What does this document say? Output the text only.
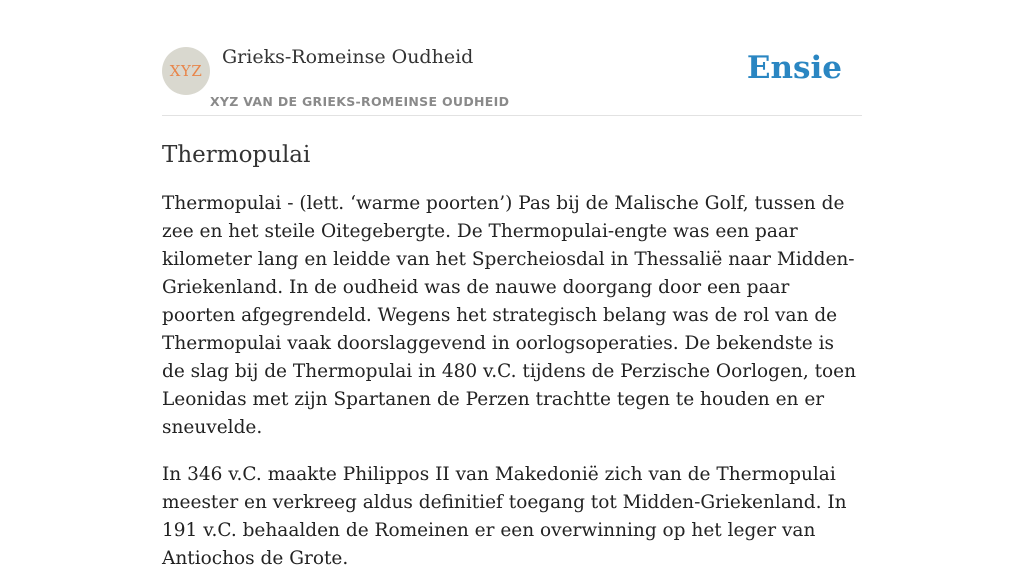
XYZ
Grieks-Romeinse Oudheid
XYZ VAN DE GRIEKS-ROMEINSE OUDHEID
Ensie
Thermopulai

Thermopulai - (lett. ‘warme poorten’) Pas bij de Malische Golf, tussen de zee en het steile Oitegebergte. De Thermopulai-engte was een paar kilometer lang en leidde van het Spercheiosdal in Thessalië naar Midden-Griekenland. In de oudheid was de nauwe doorgang door een paar poorten afgegrendeld. Wegens het strategisch belang was de rol van de Thermopulai vaak doorslaggevend in oorlogsoperaties. De bekendste is de slag bij de Thermopulai in 480 v.C. tijdens de Perzische Oorlogen, toen Leonidas met zijn Spartanen de Perzen trachtte tegen te houden en er sneuvelde.

In 346 v.C. maakte Philippos II van Makedonië zich van de Thermopulai meester en verkreeg aldus definitief toegang tot Midden-Griekenland. In 191 v.C. behaalden de Romeinen er een overwinning op het leger van Antiochos de Grote.
